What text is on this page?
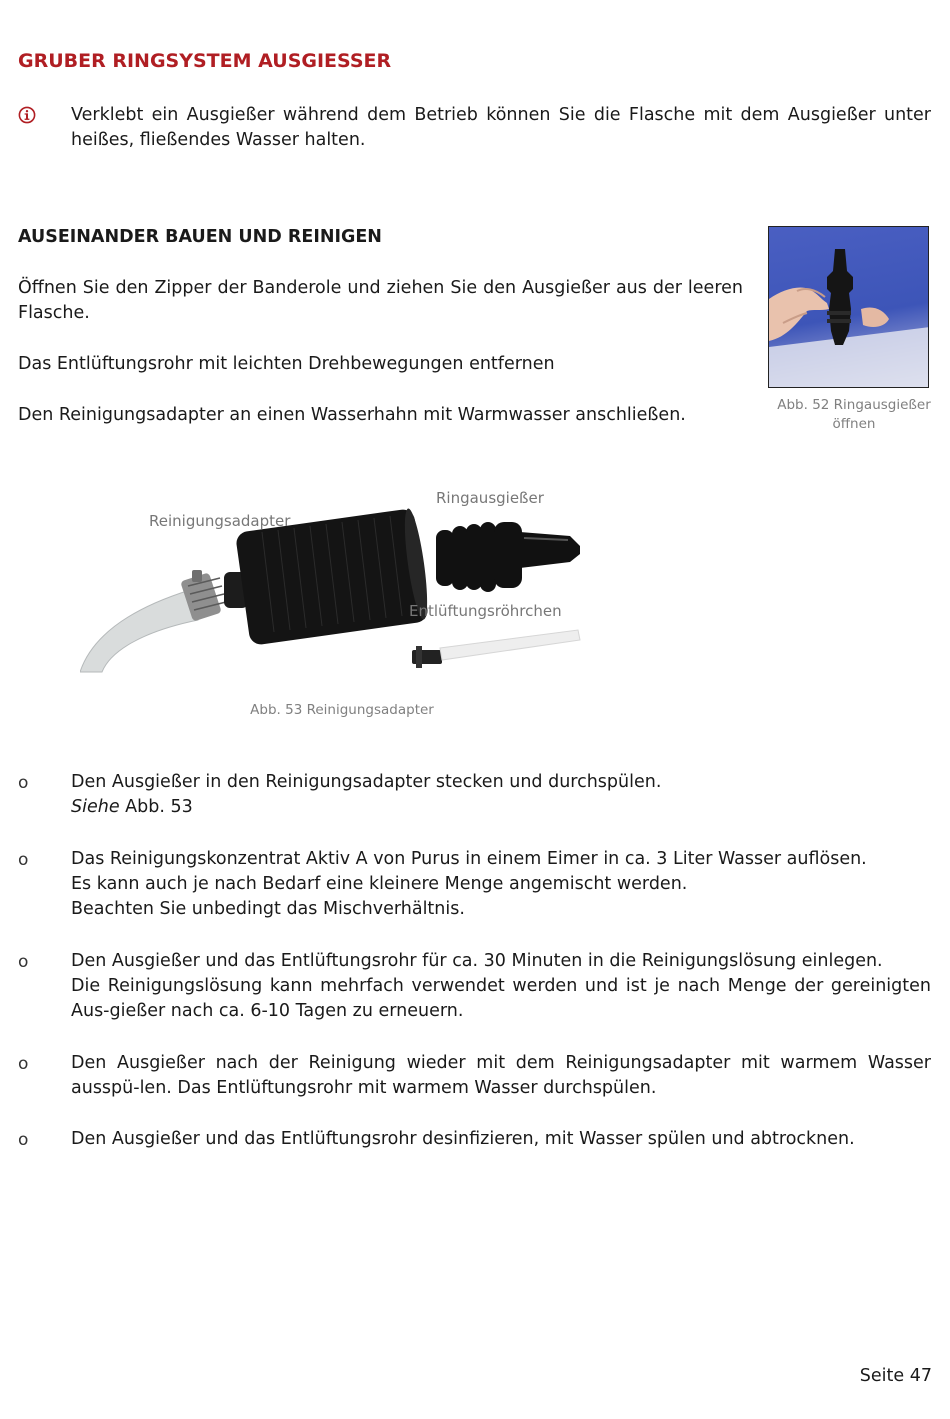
GRUBER RINGSYSTEM AUSGIESSER
Verklebt ein Ausgießer während dem Betrieb können Sie die Flasche mit dem Ausgießer unter heißes, fließendes Wasser halten.
AUSEINANDER BAUEN UND REINIGEN
Öffnen Sie den Zipper der Banderole und ziehen Sie den Ausgießer aus der leeren Flasche.
Das Entlüftungsrohr mit leichten Drehbewegungen entfernen
Den Reinigungsadapter an einen Wasserhahn mit Warmwasser anschließen.	Abb. 52 Ringausgießer
öffnen
Reinigungsadapter
Ringausgießer
Entlüftungsröhrchen
Abb. 53 Reinigungsadapter
o Den Ausgießer in den Reinigungsadapter stecken und durchspülen.
Siehe Abb. 53
o Das Reinigungskonzentrat Aktiv A von Purus in einem Eimer in ca. 3 Liter Wasser auflösen.
Es kann auch je nach Bedarf eine kleinere Menge angemischt werden.
Beachten Sie unbedingt das Mischverhältnis.
o Den Ausgießer und das Entlüftungsrohr für ca. 30 Minuten in die Reinigungslösung einlegen.
Die Reinigungslösung kann mehrfach verwendet werden und ist je nach Menge der gereinigten Aus-gießer nach ca. 6-10 Tagen zu erneuern.
o Den Ausgießer nach der Reinigung wieder mit dem Reinigungsadapter mit warmem Wasser ausspü-len. Das Entlüftungsrohr mit warmem Wasser durchspülen.
o Den Ausgießer und das Entlüftungsrohr desinfizieren, mit Wasser spülen und abtrocknen.
Seite 47
